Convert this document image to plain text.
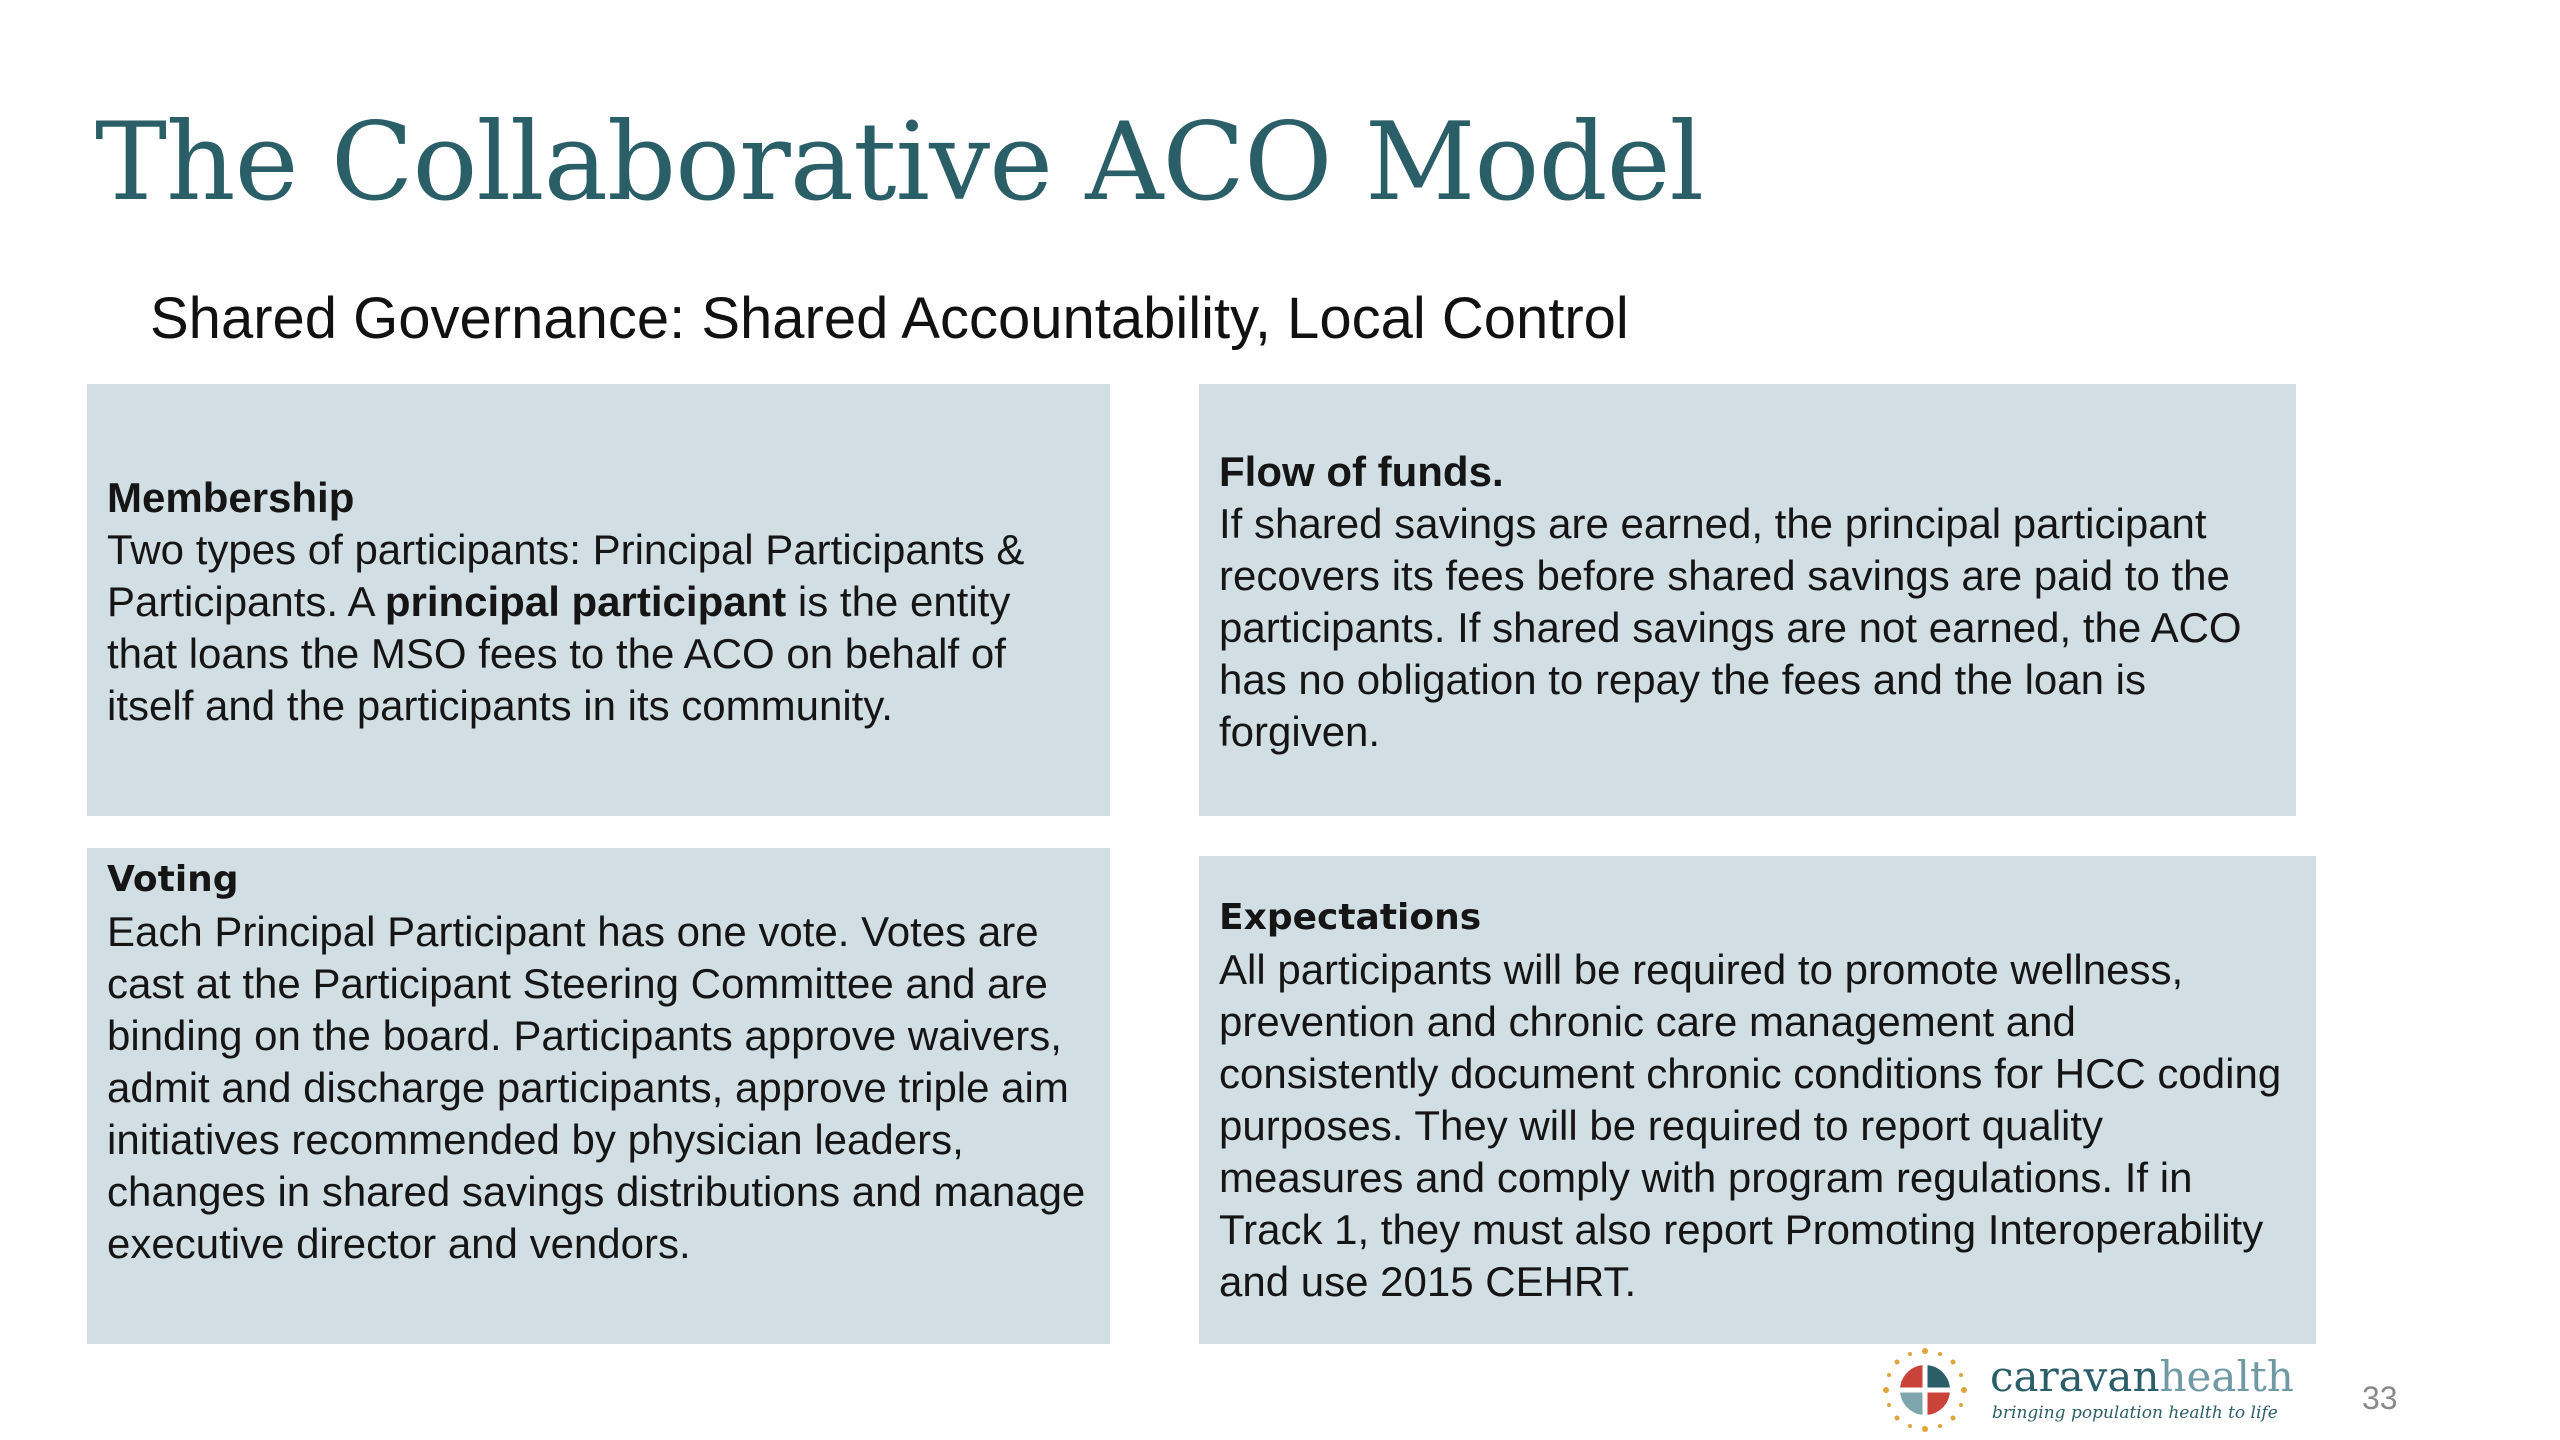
The Collaborative ACO Model
Shared Governance: Shared Accountability, Local Control
Membership
Two types of participants: Principal Participants & Participants. A principal participant is the entity that loans the MSO fees to the ACO on behalf of itself and the participants in its community.
Flow of funds.
If shared savings are earned, the principal participant recovers its fees before shared savings are paid to the participants. If shared savings are not earned, the ACO has no obligation to repay the fees and the loan is forgiven.
Voting
Each Principal Participant has one vote. Votes are cast at the Participant Steering Committee and are binding on the board. Participants approve waivers, admit and discharge participants, approve triple aim initiatives recommended by physician leaders, changes in shared savings distributions and manage executive director and vendors.
Expectations
All participants will be required to promote wellness, prevention and chronic care management and consistently document chronic conditions for HCC coding purposes. They will be required to report quality measures and comply with program regulations. If in Track 1, they must also report Promoting Interoperability and use 2015 CEHRT.
caravanhealth
bringing population health to life	33
